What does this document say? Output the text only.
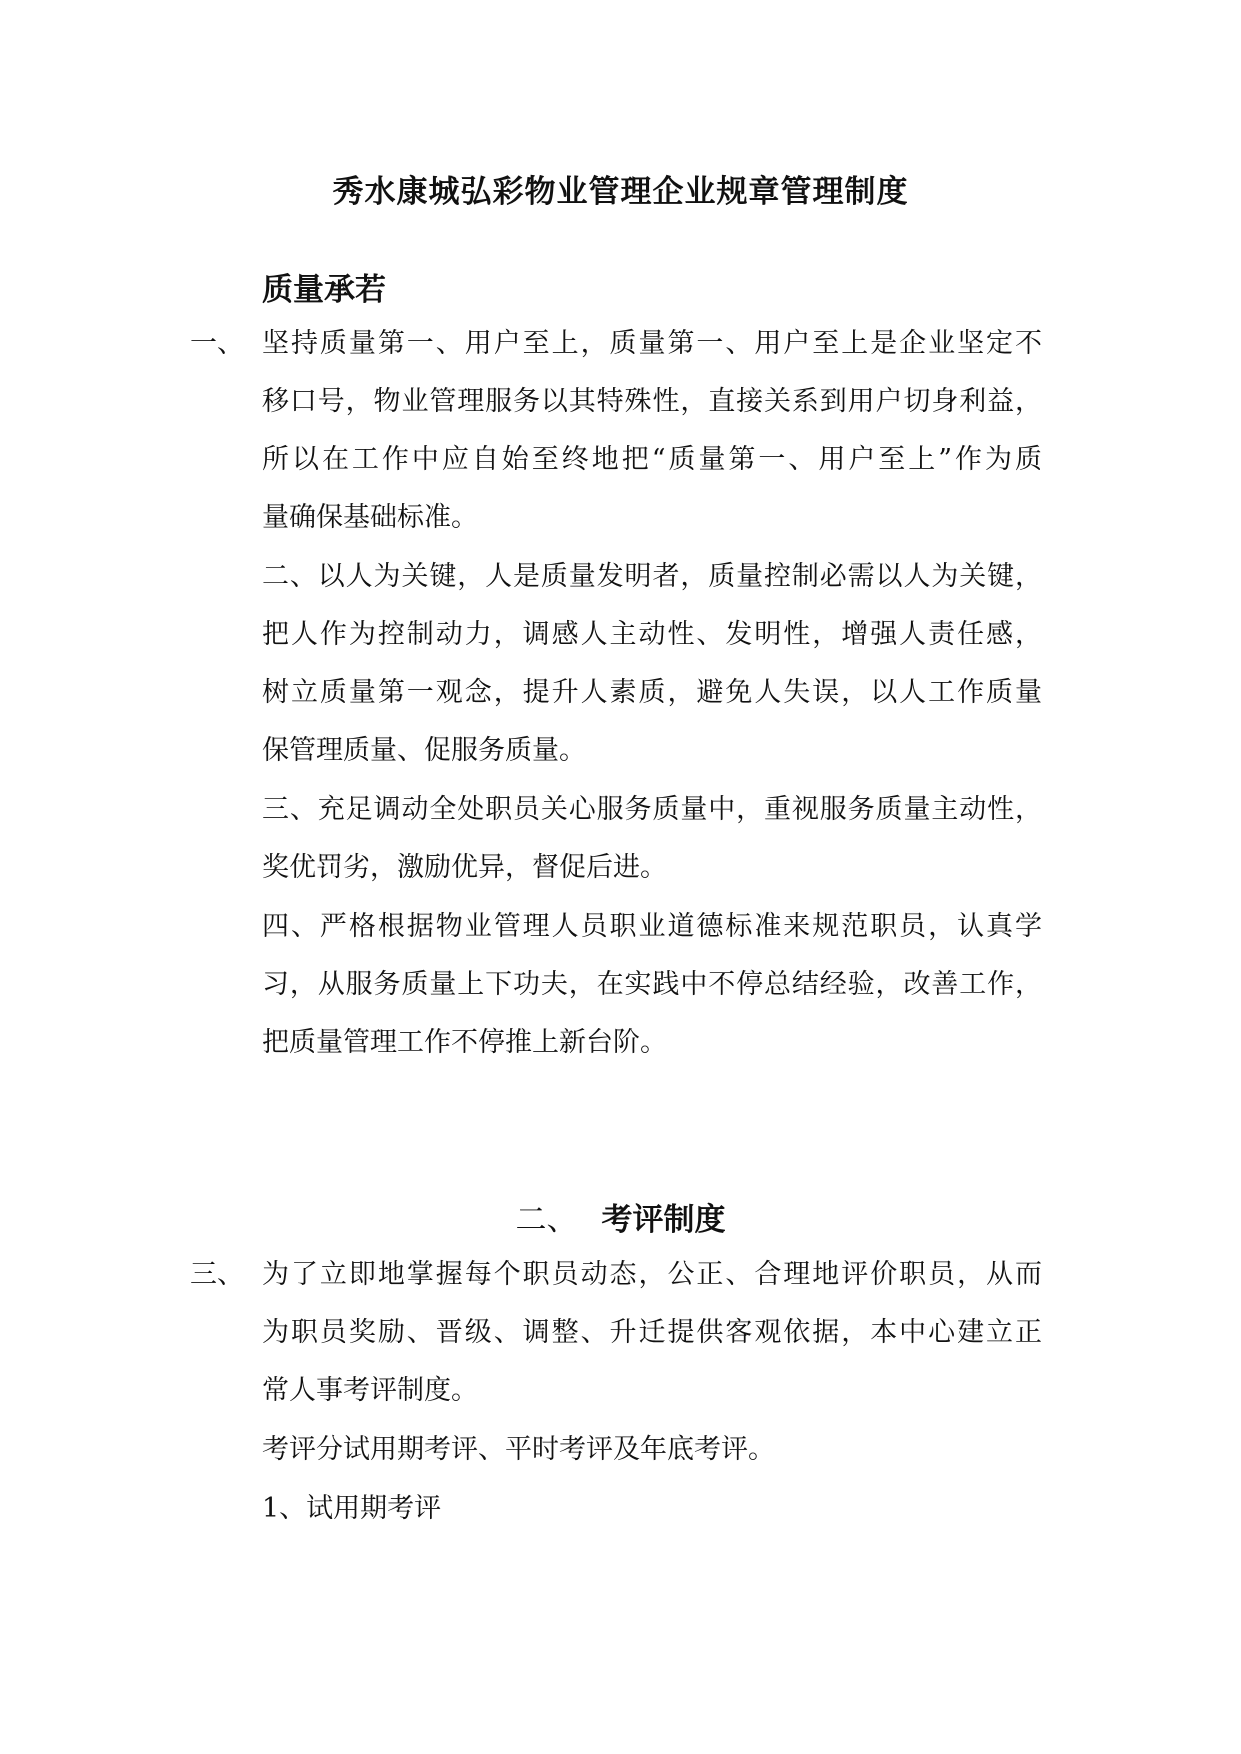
秀水康城弘彩物业管理企业规章管理制度
质量承若
一、 坚持质量第一、用户至上，质量第一、用户至上是企业坚定不
移口号，物业管理服务以其特殊性，直接关系到用户切身利益，
所以在工作中应自始至终地把“质量第一、用户至上”作为质
量确保基础标准。
二、以人为关键，人是质量发明者，质量控制必需以人为关键，
把人作为控制动力，调感人主动性、发明性，增强人责任感，
树立质量第一观念，提升人素质，避免人失误，以人工作质量
保管理质量、促服务质量。
三、充足调动全处职员关心服务质量中，重视服务质量主动性，
奖优罚劣，激励优异，督促后进。
四、严格根据物业管理人员职业道德标准来规范职员，认真学
习，从服务质量上下功夫，在实践中不停总结经验，改善工作，
把质量管理工作不停推上新台阶。
二、 考评制度
三、 为了立即地掌握每个职员动态，公正、合理地评价职员，从而
为职员奖励、晋级、调整、升迁提供客观依据，本中心建立正
常人事考评制度。
考评分试用期考评、平时考评及年底考评。
1、试用期考评
